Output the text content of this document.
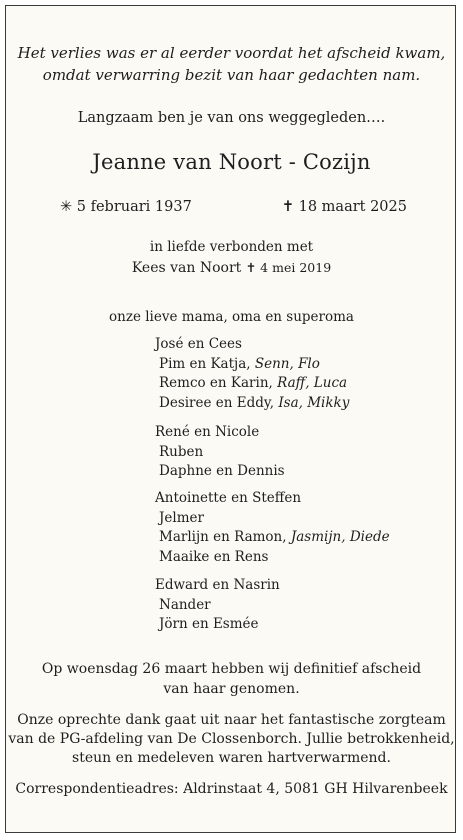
Het verlies was er al eerder voordat het afscheid kwam,
omdat verwarring bezit van haar gedachten nam.
Langzaam ben je van ons weggegleden….
Jeanne van Noort - Cozijn
✳ 5 februari 1937	✝ 18 maart 2025
in liefde verbonden met
Kees van Noort ✝ 4 mei 2019
onze lieve mama, oma en superoma
José en Cees
Pim en Katja, Senn, Flo
Remco en Karin, Raff, Luca
Desiree en Eddy, Isa, Mikky
René en Nicole
Ruben
Daphne en Dennis
Antoinette en Steffen
Jelmer
Marlijn en Ramon, Jasmijn, Diede
Maaike en Rens
Edward en Nasrin
Nander
Jörn en Esmée
Op woensdag 26 maart hebben wij definitief afscheid
van haar genomen.
Onze oprechte dank gaat uit naar het fantastische zorgteam
van de PG-afdeling van De Clossenborch. Jullie betrokkenheid,
steun en medeleven waren hartverwarmend.
Correspondentieadres: Aldrinstaat 4, 5081 GH Hilvarenbeek
